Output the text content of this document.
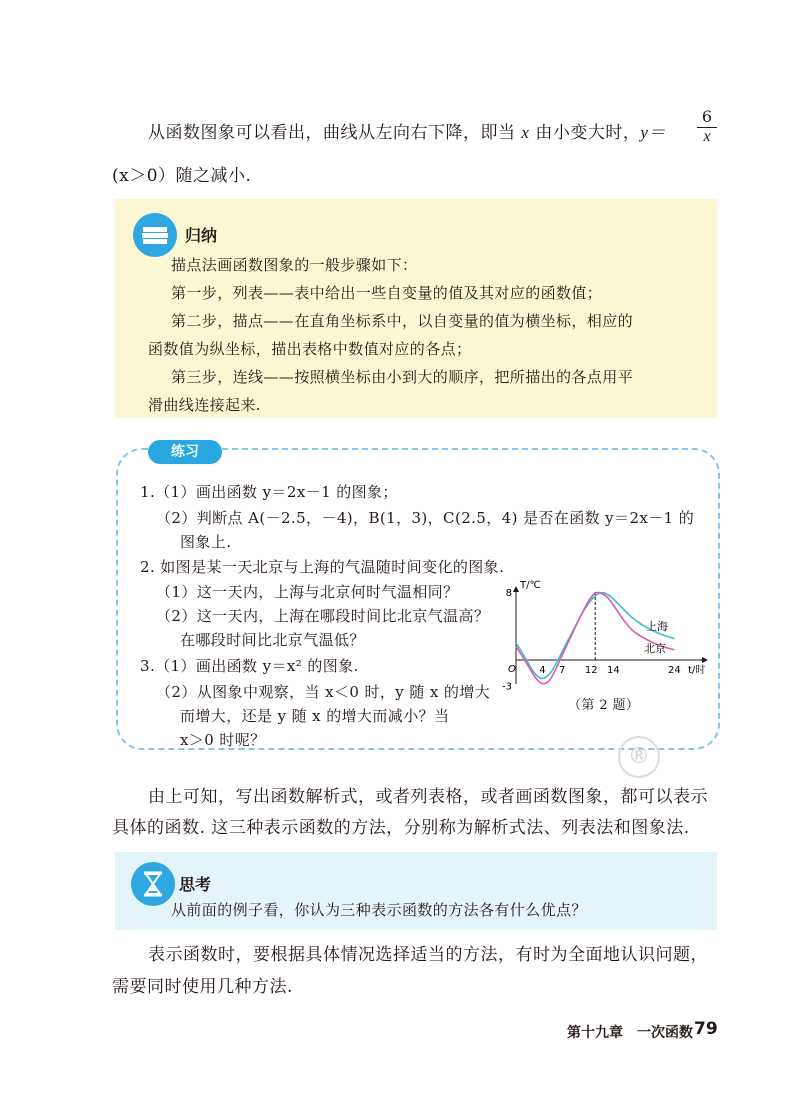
从函数图象可以看出，曲线从左向右下降，即当 x 由小变大时，y＝
6
x
(x＞0）随之减小.
归纳
描点法画函数图象的一般步骤如下：
第一步，列表——表中给出一些自变量的值及其对应的函数值；
第二步，描点——在直角坐标系中，以自变量的值为横坐标，相应的
函数值为纵坐标，描出表格中数值对应的各点；
第三步，连线——按照横坐标由小到大的顺序，把所描出的各点用平
滑曲线连接起来.
练习
1.（1）画出函数 y＝2x－1 的图象；
（2）判断点 A(－2.5，－4)，B(1，3)，C(2.5，4) 是否在函数 y＝2x－1 的
图象上.
2. 如图是某一天北京与上海的气温随时间变化的图象.
（1）这一天内，上海与北京何时气温相同？
（2）这一天内，上海在哪段时间比北京气温高？
在哪段时间比北京气温低？
3.（1）画出函数 y＝x² 的图象.
（2）从图象中观察，当 x＜0 时，y 随 x 的增大
而增大，还是 y 随 x 的增大而减小？当
x＞0 时呢？
T/℃
t/时
O 4 7 12 14	24
8
-3
上海
北京
（第 2 题）
®
由上可知，写出函数解析式，或者列表格，或者画函数图象，都可以表示
具体的函数. 这三种表示函数的方法，分别称为解析式法、列表法和图象法.
思考
从前面的例子看，你认为三种表示函数的方法各有什么优点？
表示函数时，要根据具体情况选择适当的方法，有时为全面地认识问题，
需要同时使用几种方法.
第十九章　一次函数 79
